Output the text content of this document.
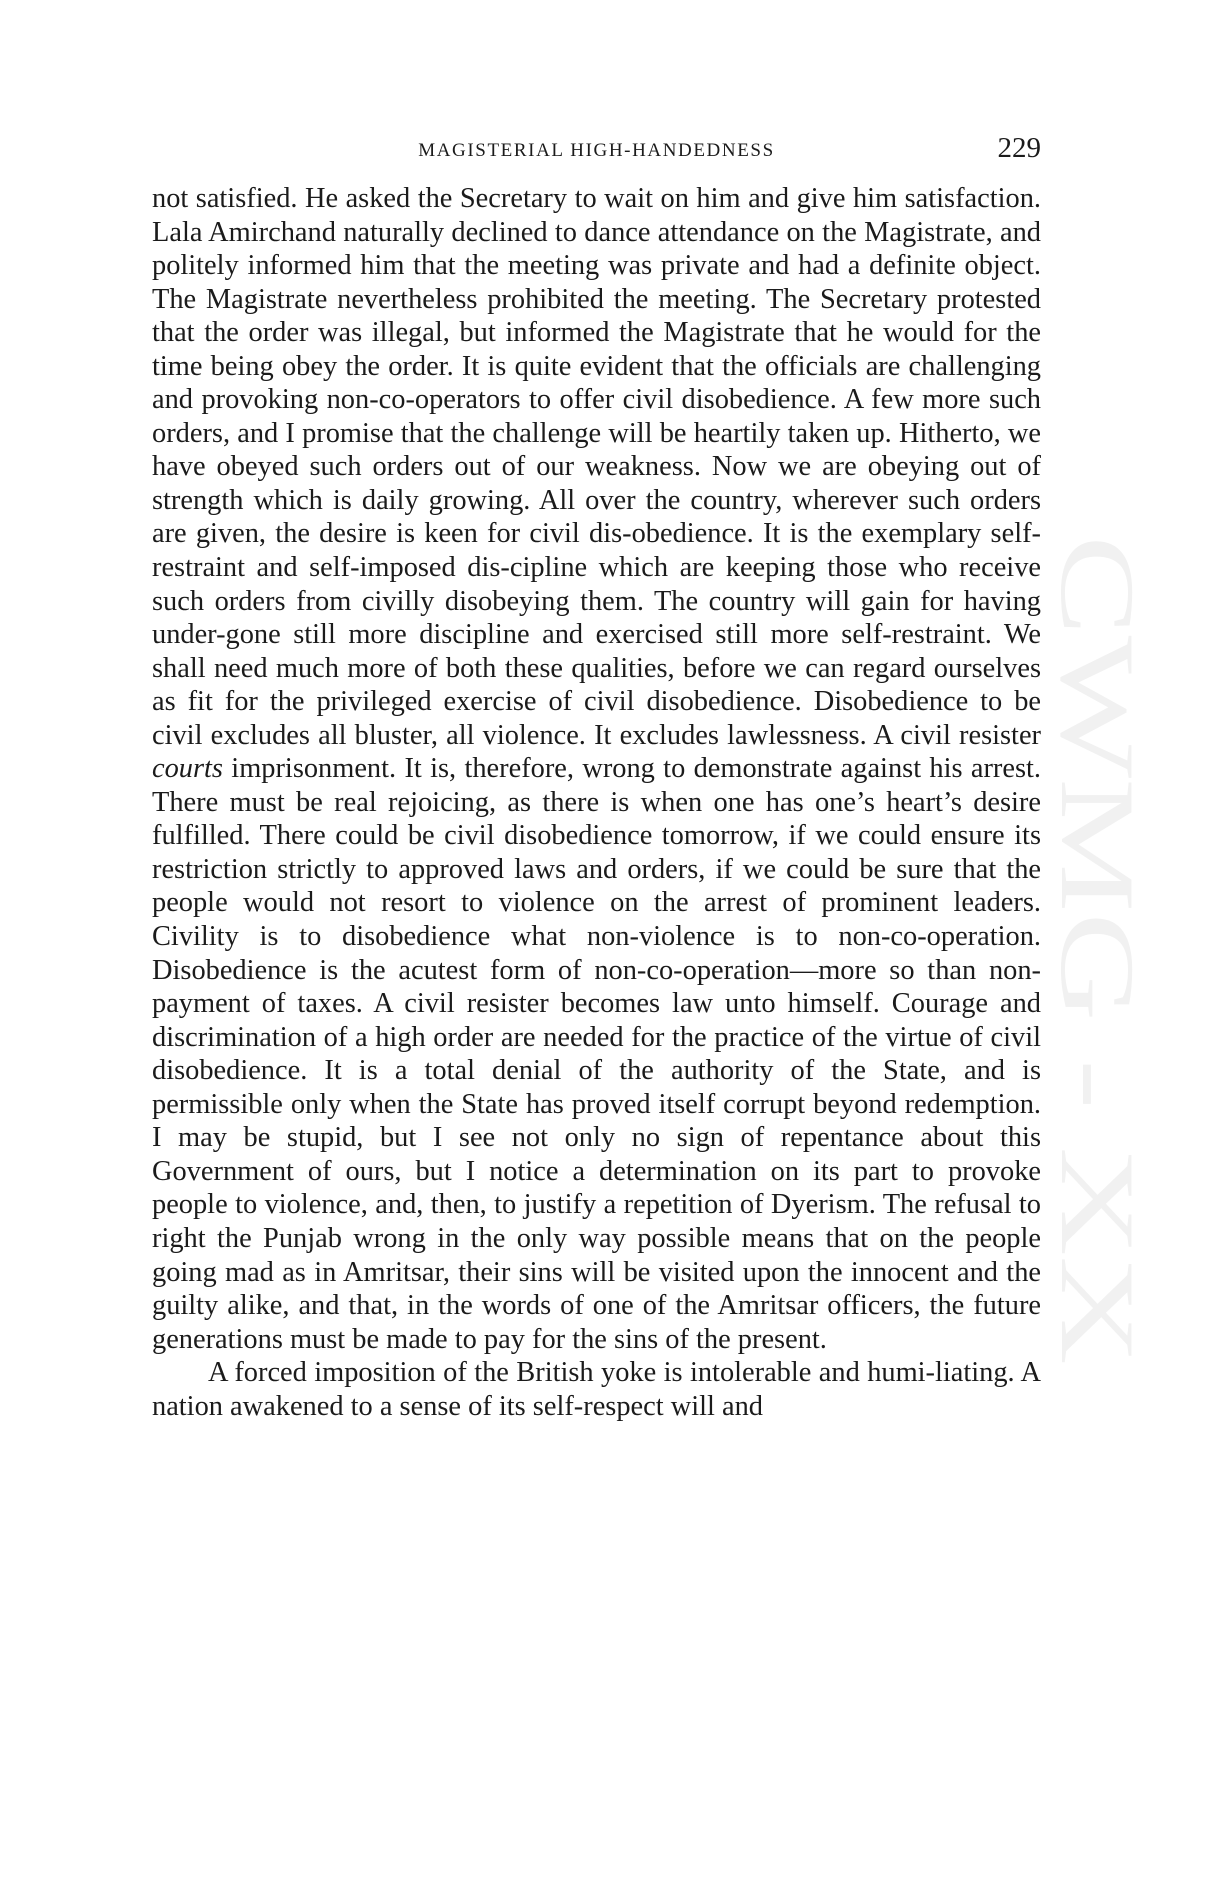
CWMG - XX
MAGISTERIAL HIGH-HANDEDNESS	229

not satisfied. He asked the Secretary to wait on him and give him satisfaction. Lala Amirchand naturally declined to dance attendance on the Magistrate, and politely informed him that the meeting was private and had a definite object. The Magistrate nevertheless prohibited the meeting. The Secretary protested that the order was illegal, but informed the Magistrate that he would for the time being obey the order. It is quite evident that the officials are challenging and provoking non-co-operators to offer civil disobedience. A few more such orders, and I promise that the challenge will be heartily taken up. Hitherto, we have obeyed such orders out of our weakness. Now we are obeying out of strength which is daily growing. All over the country, wherever such orders are given, the desire is keen for civil dis-obedience. It is the exemplary self-restraint and self-imposed dis-cipline which are keeping those who receive such orders from civilly disobeying them. The country will gain for having under-gone still more discipline and exercised still more self-restraint. We shall need much more of both these qualities, before we can regard ourselves as fit for the privileged exercise of civil disobedience. Disobedience to be civil excludes all bluster, all violence. It excludes lawlessness. A civil resister courts imprisonment. It is, therefore, wrong to demonstrate against his arrest. There must be real rejoicing, as there is when one has one’s heart’s desire fulfilled. There could be civil disobedience tomorrow, if we could ensure its restriction strictly to approved laws and orders, if we could be sure that the people would not resort to violence on the arrest of prominent leaders. Civility is to disobedience what non-violence is to non-co-operation. Disobedience is the acutest form of non-co-operation—more so than non-payment of taxes. A civil resister becomes law unto himself. Courage and discrimination of a high order are needed for the practice of the virtue of civil disobedience. It is a total denial of the authority of the State, and is permissible only when the State has proved itself corrupt beyond redemption. I may be stupid, but I see not only no sign of repentance about this Government of ours, but I notice a determination on its part to provoke people to violence, and, then, to justify a repetition of Dyerism. The refusal to right the Punjab wrong in the only way possible means that on the people going mad as in Amritsar, their sins will be visited upon the innocent and the guilty alike, and that, in the words of one of the Amritsar officers, the future generations must be made to pay for the sins of the present.

A forced imposition of the British yoke is intolerable and humi-liating. A nation awakened to a sense of its self-respect will and
